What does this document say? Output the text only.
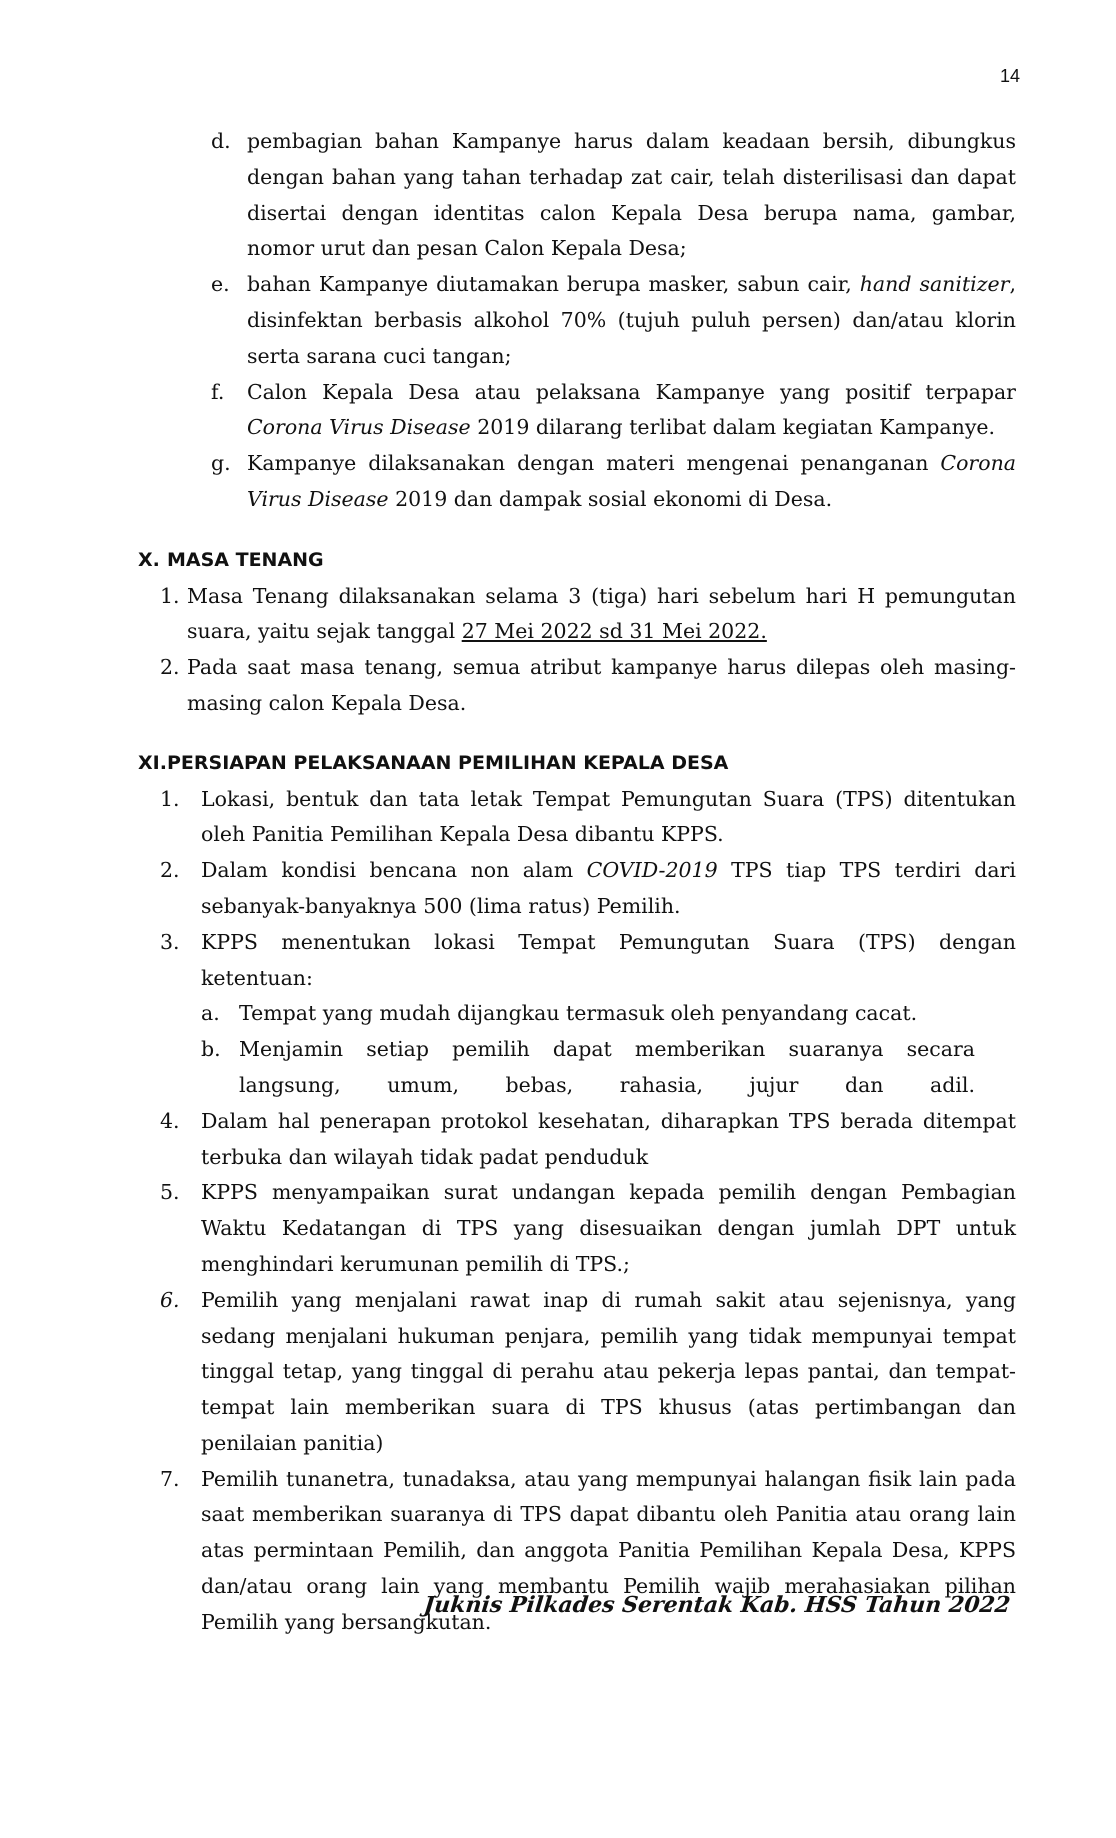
14
d. pembagian bahan Kampanye harus dalam keadaan bersih, dibungkus dengan bahan yang tahan terhadap zat cair, telah disterilisasi dan dapat disertai dengan identitas calon Kepala Desa berupa nama, gambar, nomor urut dan pesan Calon Kepala Desa;
e. bahan Kampanye diutamakan berupa masker, sabun cair, hand sanitizer, disinfektan berbasis alkohol 70% (tujuh puluh persen) dan/atau klorin serta sarana cuci tangan;
f. Calon Kepala Desa atau pelaksana Kampanye yang positif terpapar Corona Virus Disease 2019 dilarang terlibat dalam kegiatan Kampanye.
g. Kampanye dilaksanakan dengan materi mengenai penanganan Corona Virus Disease 2019 dan dampak sosial ekonomi di Desa.
X. MASA TENANG
1. Masa Tenang dilaksanakan selama 3 (tiga) hari sebelum hari H pemungutan suara, yaitu sejak tanggal 27 Mei 2022 sd 31 Mei 2022.
2. Pada saat masa tenang, semua atribut kampanye harus dilepas oleh masing-masing calon Kepala Desa.
XI. PERSIAPAN PELAKSANAAN PEMILIHAN KEPALA DESA
1. Lokasi, bentuk dan tata letak Tempat Pemungutan Suara (TPS) ditentukan oleh Panitia Pemilihan Kepala Desa dibantu KPPS.
2. Dalam kondisi bencana non alam COVID-2019 TPS tiap TPS terdiri dari sebanyak-banyaknya 500 (lima ratus) Pemilih.
3. KPPS menentukan lokasi Tempat Pemungutan Suara (TPS) dengan ketentuan:
a. Tempat yang mudah dijangkau termasuk oleh penyandang cacat.
b. Menjamin setiap pemilih dapat memberikan suaranya secara langsung, umum, bebas, rahasia, jujur dan adil.
4. Dalam hal penerapan protokol kesehatan, diharapkan TPS berada ditempat terbuka dan wilayah tidak padat penduduk
5. KPPS menyampaikan surat undangan kepada pemilih dengan Pembagian Waktu Kedatangan di TPS yang disesuaikan dengan jumlah DPT untuk menghindari kerumunan pemilih di TPS.;
6. Pemilih yang menjalani rawat inap di rumah sakit atau sejenisnya, yang sedang menjalani hukuman penjara, pemilih yang tidak mempunyai tempat tinggal tetap, yang tinggal di perahu atau pekerja lepas pantai, dan tempat-tempat lain memberikan suara di TPS khusus (atas pertimbangan dan penilaian panitia)
7. Pemilih tunanetra, tunadaksa, atau yang mempunyai halangan fisik lain pada saat memberikan suaranya di TPS dapat dibantu oleh Panitia atau orang lain atas permintaan Pemilih, dan anggota Panitia Pemilihan Kepala Desa, KPPS dan/atau orang lain yang membantu Pemilih wajib merahasiakan pilihan Pemilih yang bersangkutan.
Juknis Pilkades Serentak Kab. HSS Tahun 2022
